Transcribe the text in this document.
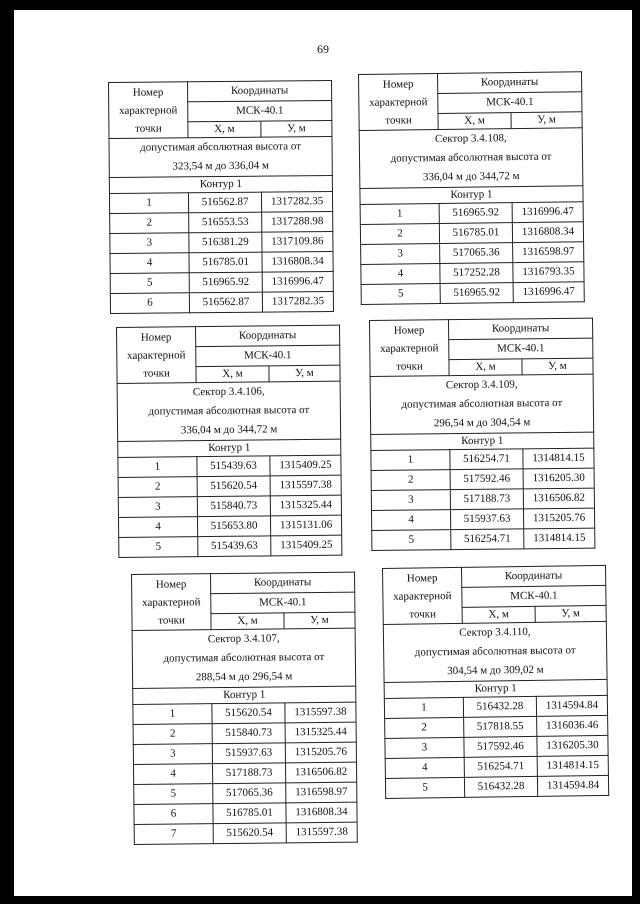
69
Номер
характерной
точки	Координаты	
	МСК-40.1	
	X, м	У, м

допустимая абсолютная высота от
323,54 м до 336,04 м		

Контур 1		
1	516562.87	1317282.35
2	516553.53	1317288.98
3	516381.29	1317109.86
4	516785.01	1316808.34
5	516965.92	1316996.47
6	516562.87	1317282.35
Номер
характерной
точки	Координаты	
	МСК-40.1	
	X, м	У, м

Сектор 3.4.108,
допустимая абсолютная высота от
336,04 м до 344,72 м		

Контур 1		
1	516965.92	1316996.47
2	516785.01	1316808.34
3	517065.36	1316598.97
4	517252.28	1316793.35
5	516965.92	1316996.47
Номер
характерной
точки	Координаты	
	МСК-40.1	
	X, м	У, м

Сектор 3.4.106,
допустимая абсолютная высота от
336,04 м до 344,72 м		

Контур 1		
1	515439.63	1315409.25
2	515620.54	1315597.38
3	515840.73	1315325.44
4	515653.80	1315131.06
5	515439.63	1315409.25
Номер
характерной
точки	Координаты	
	МСК-40.1	
	X, м	У, м

Сектор 3.4.109,
допустимая абсолютная высота от
296,54 м до 304,54 м		

Контур 1		
1	516254.71	1314814.15
2	517592.46	1316205.30
3	517188.73	1316506.82
4	515937.63	1315205.76
5	516254.71	1314814.15
Номер
характерной
точки	Координаты	
	МСК-40.1	
	X, м	У, м

Сектор 3.4.107,
допустимая абсолютная высота от
288,54 м до 296,54 м		

Контур 1		
1	515620.54	1315597.38
2	515840.73	1315325.44
3	515937.63	1315205.76
4	517188.73	1316506.82
5	517065.36	1316598.97
6	516785.01	1316808.34
7	515620.54	1315597.38
Номер
характерной
точки	Координаты	
	МСК-40.1	
	X, м	У, м

Сектор 3.4.110,
допустимая абсолютная высота от
304,54 м до 309,02 м		

Контур 1		
1	516432.28	1314594.84
2	517818.55	1316036.46
3	517592.46	1316205.30
4	516254.71	1314814.15
5	516432.28	1314594.84
